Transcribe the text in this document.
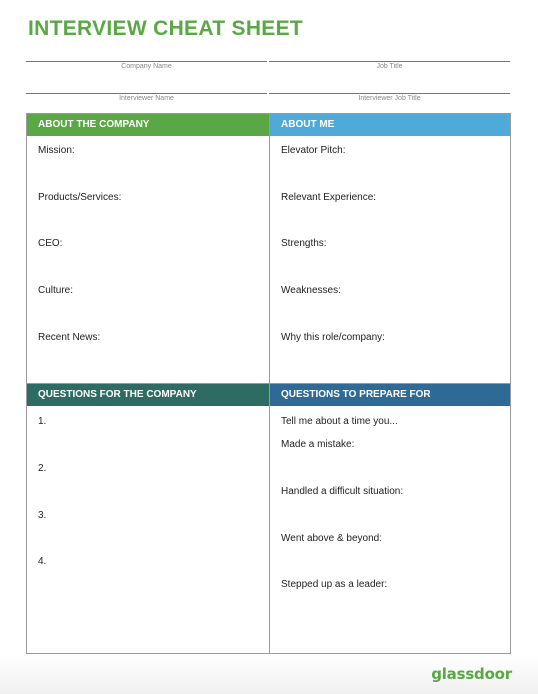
INTERVIEW CHEAT SHEET
Company Name	Job Title
Interviewer Name	Interviewer Job Title
ABOUT THE COMPANY
Mission:
Products/Services:
CEO:
Culture:
Recent News:
ABOUT ME
Elevator Pitch:
Relevant Experience:
Strengths:
Weaknesses:
Why this role/company:
QUESTIONS FOR THE COMPANY
1.
2.
3.
4.
QUESTIONS TO PREPARE FOR
Tell me about a time you...
Made a mistake:
Handled a difficult situation:
Went above & beyond:
Stepped up as a leader:
glassdoor
